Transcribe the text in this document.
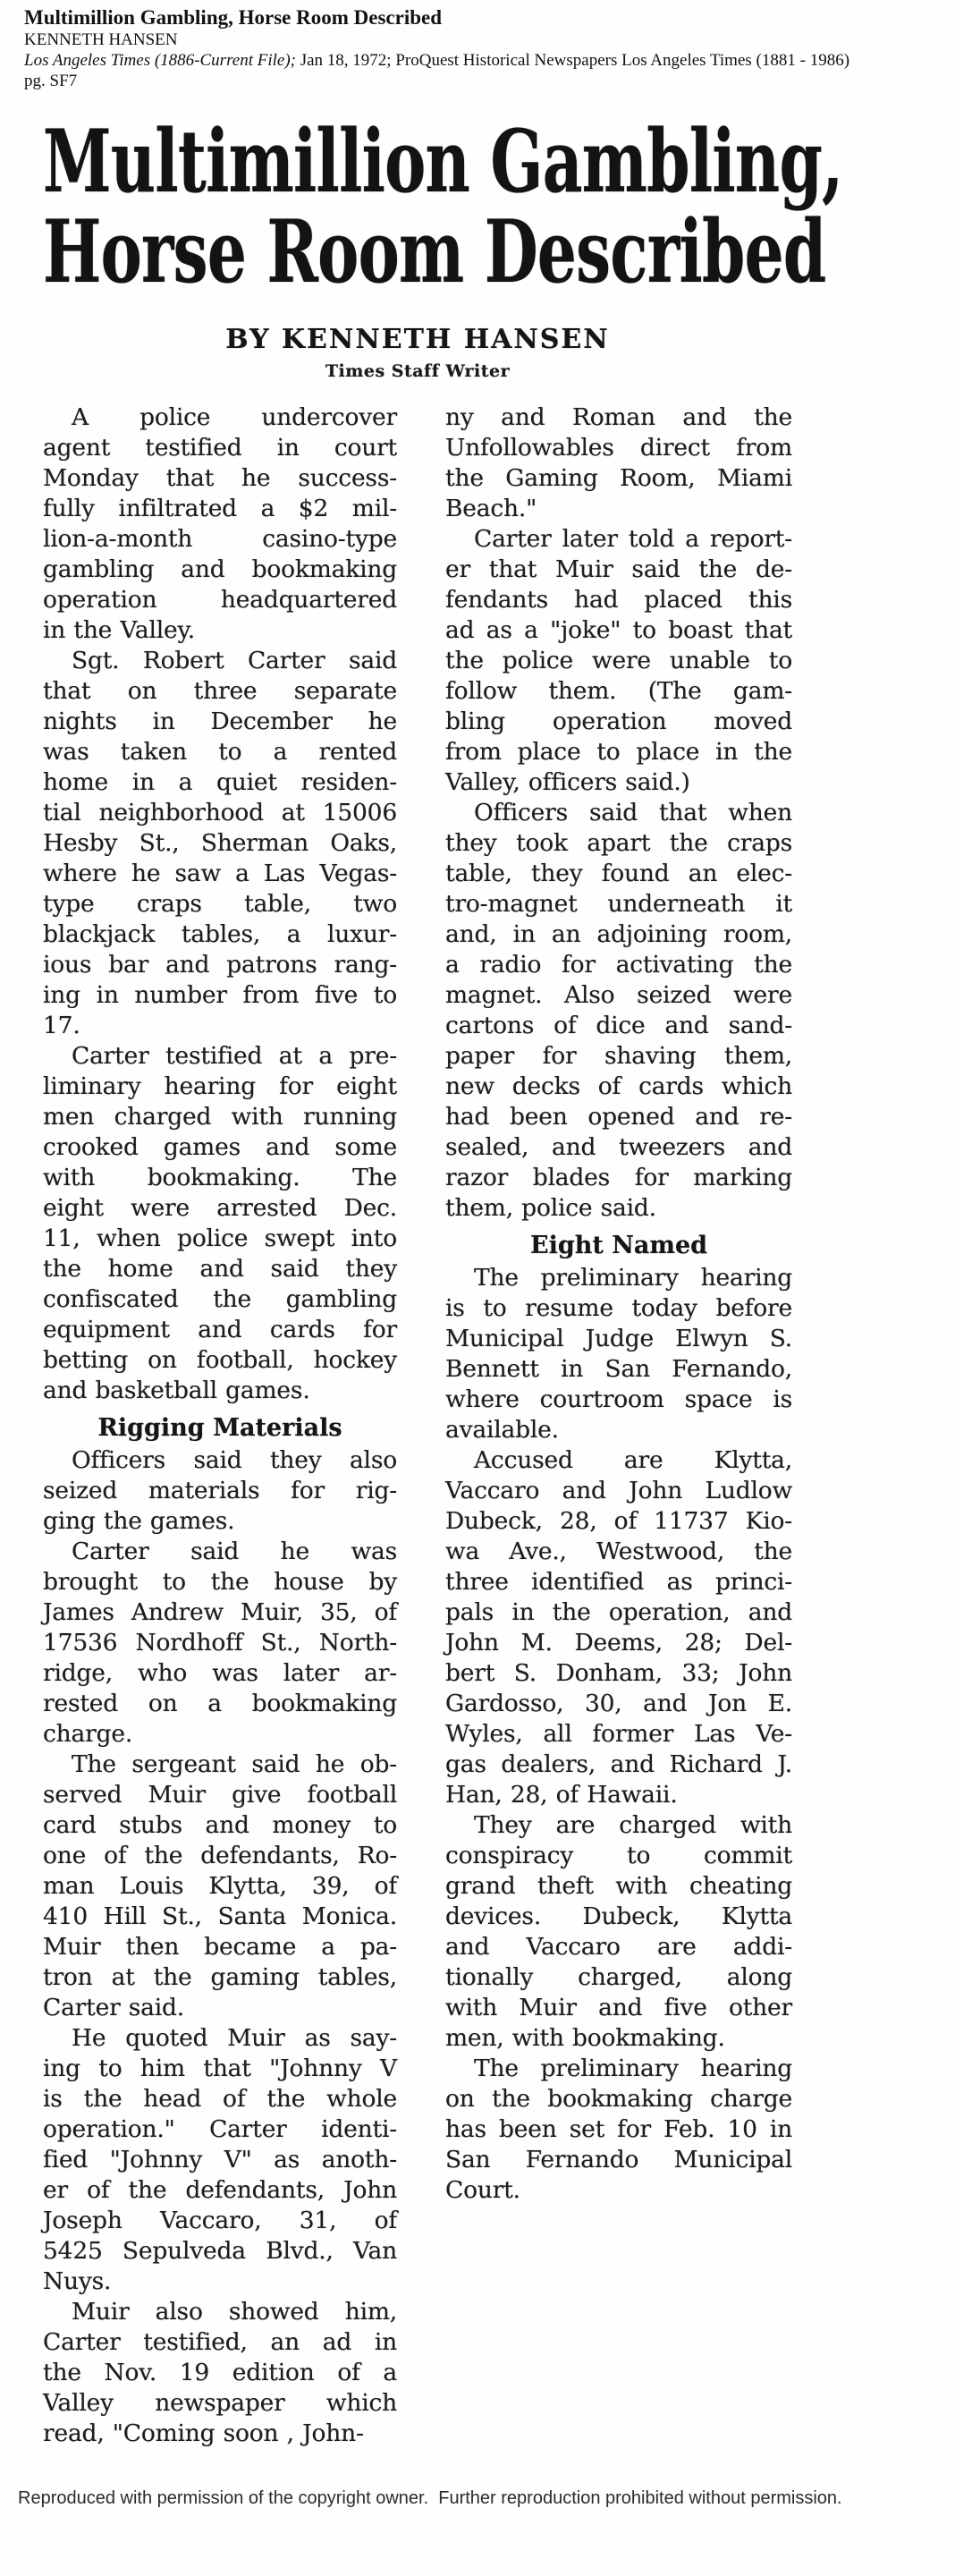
Multimillion Gambling, Horse Room Described
KENNETH HANSEN
Los Angeles Times (1886-Current File); Jan 18, 1972; ProQuest Historical Newspapers Los Angeles Times (1881 - 1986)
pg. SF7
Multimillion Gambling,
Horse Room Described
BY KENNETH HANSEN
Times Staff Writer
A police undercover
agent testified in court
Monday that he success-
fully infiltrated a $2 mil-
lion-a-month casino-type
gambling and bookmaking
operation headquartered
in the Valley.
Sgt. Robert Carter said
that on three separate
nights in December he
was taken to a rented
home in a quiet residen-
tial neighborhood at 15006
Hesby St., Sherman Oaks,
where he saw a Las Vegas-
type craps table, two
blackjack tables, a luxur-
ious bar and patrons rang-
ing in number from five to
17.
Carter testified at a pre-
liminary hearing for eight
men charged with running
crooked games and some
with bookmaking. The
eight were arrested Dec.
11, when police swept into
the home and said they
confiscated the gambling
equipment and cards for
betting on football, hockey
and basketball games.
Rigging Materials
Officers said they also
seized materials for rig-
ging the games.
Carter said he was
brought to the house by
James Andrew Muir, 35, of
17536 Nordhoff St., North-
ridge, who was later ar-
rested on a bookmaking
charge.
The sergeant said he ob-
served Muir give football
card stubs and money to
one of the defendants, Ro-
man Louis Klytta, 39, of
410 Hill St., Santa Monica.
Muir then became a pa-
tron at the gaming tables,
Carter said.
He quoted Muir as say-
ing to him that "Johnny V
is the head of the whole
operation." Carter identi-
fied "Johnny V" as anoth-
er of the defendants, John
Joseph Vaccaro, 31, of
5425 Sepulveda Blvd., Van
Nuys.
Muir also showed him,
Carter testified, an ad in
the Nov. 19 edition of a
Valley newspaper which
read, "Coming soon , John-
ny and Roman and the
Unfollowables direct from
the Gaming Room, Miami
Beach."
Carter later told a report-
er that Muir said the de-
fendants had placed this
ad as a "joke" to boast that
the police were unable to
follow them. (The gam-
bling operation moved
from place to place in the
Valley, officers said.)
Officers said that when
they took apart the craps
table, they found an elec-
tro-magnet underneath it
and, in an adjoining room,
a radio for activating the
magnet. Also seized were
cartons of dice and sand-
paper for shaving them,
new decks of cards which
had been opened and re-
sealed, and tweezers and
razor blades for marking
them, police said.
Eight Named
The preliminary hearing
is to resume today before
Municipal Judge Elwyn S.
Bennett in San Fernando,
where courtroom space is
available.
Accused are Klytta,
Vaccaro and John Ludlow
Dubeck, 28, of 11737 Kio-
wa Ave., Westwood, the
three identified as princi-
pals in the operation, and
John M. Deems, 28; Del-
bert S. Donham, 33; John
Gardosso, 30, and Jon E.
Wyles, all former Las Ve-
gas dealers, and Richard J.
Han, 28, of Hawaii.
They are charged with
conspiracy to commit
grand theft with cheating
devices. Dubeck, Klytta
and Vaccaro are addi-
tionally charged, along
with Muir and five other
men, with bookmaking.
The preliminary hearing
on the bookmaking charge
has been set for Feb. 10 in
San Fernando Municipal
Court.
Reproduced with permission of the copyright owner.  Further reproduction prohibited without permission.
